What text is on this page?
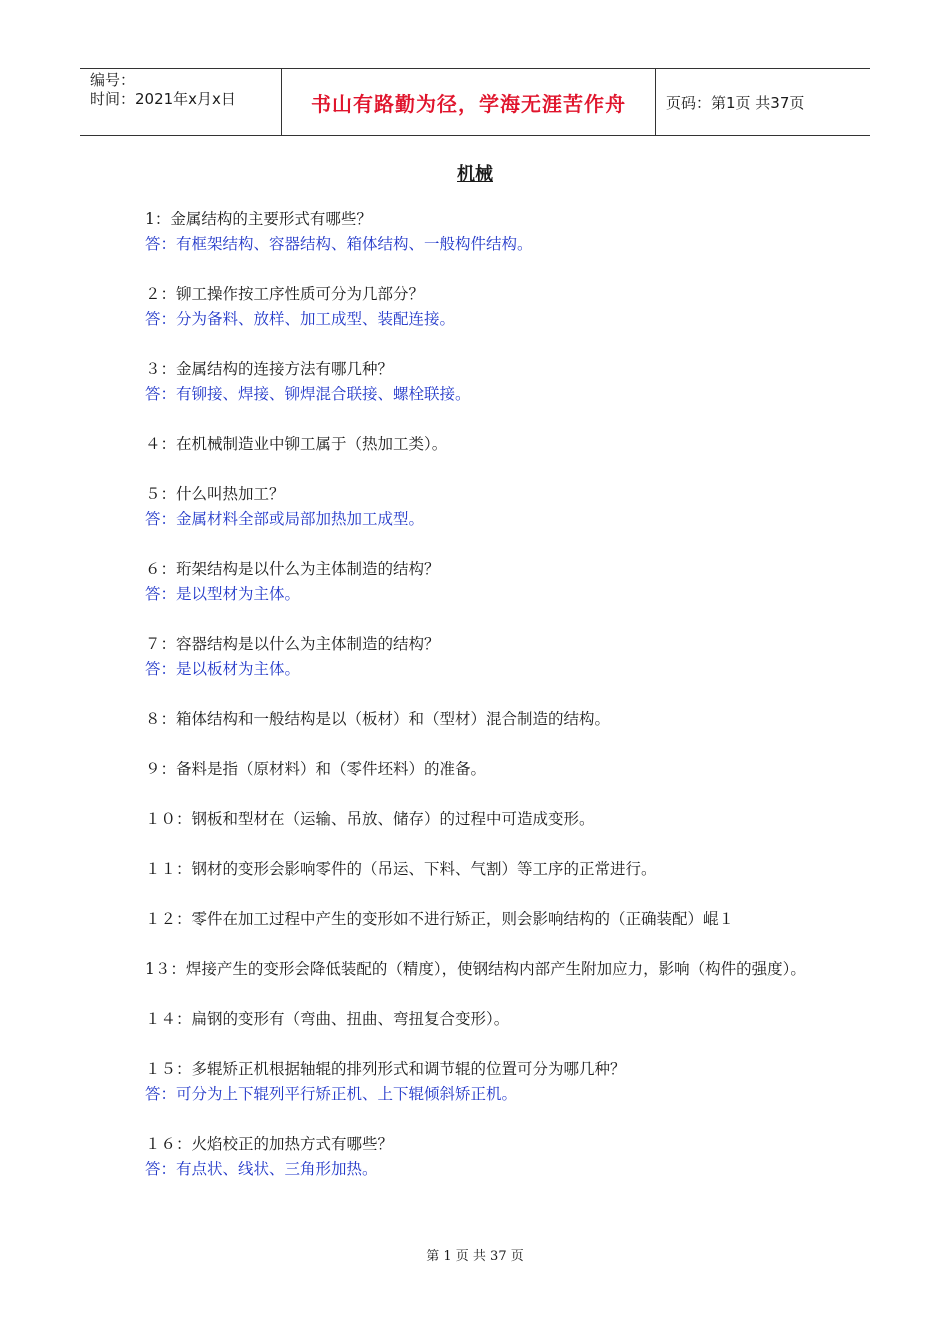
编号：
时间：2021年x月x日	书山有路勤为径，学海无涯苦作舟	页码：第1页 共37页
机械
1：金属结构的主要形式有哪些？
答：有框架结构、容器结构、箱体结构、一般构件结构。
２：铆工操作按工序性质可分为几部分？
答：分为备料、放样、加工成型、装配连接。
３：金属结构的连接方法有哪几种？
答：有铆接、焊接、铆焊混合联接、螺栓联接。
４：在机械制造业中铆工属于（热加工类）。
５：什么叫热加工？
答：金属材料全部或局部加热加工成型。
６：珩架结构是以什么为主体制造的结构？
答：是以型材为主体。
７：容器结构是以什么为主体制造的结构？
答：是以板材为主体。
８：箱体结构和一般结构是以（板材）和（型材）混合制造的结构。
９：备料是指（原材料）和（零件坯料）的准备。
１０：钢板和型材在（运输、吊放、储存）的过程中可造成变形。
１１：钢材的变形会影响零件的（吊运、下料、气割）等工序的正常进行。
１２：零件在加工过程中产生的变形如不进行矫正，则会影响结构的（正确装配）崐１
1３：焊接产生的变形会降低装配的（精度），使钢结构内部产生附加应力，影响（构件的强度）。
１４：扁钢的变形有（弯曲、扭曲、弯扭复合变形）。
１５：多辊矫正机根据轴辊的排列形式和调节辊的位置可分为哪几种？
答：可分为上下辊列平行矫正机、上下辊倾斜矫正机。
１６：火焰校正的加热方式有哪些？
答：有点状、线状、三角形加热。
第 1 页 共 37 页
